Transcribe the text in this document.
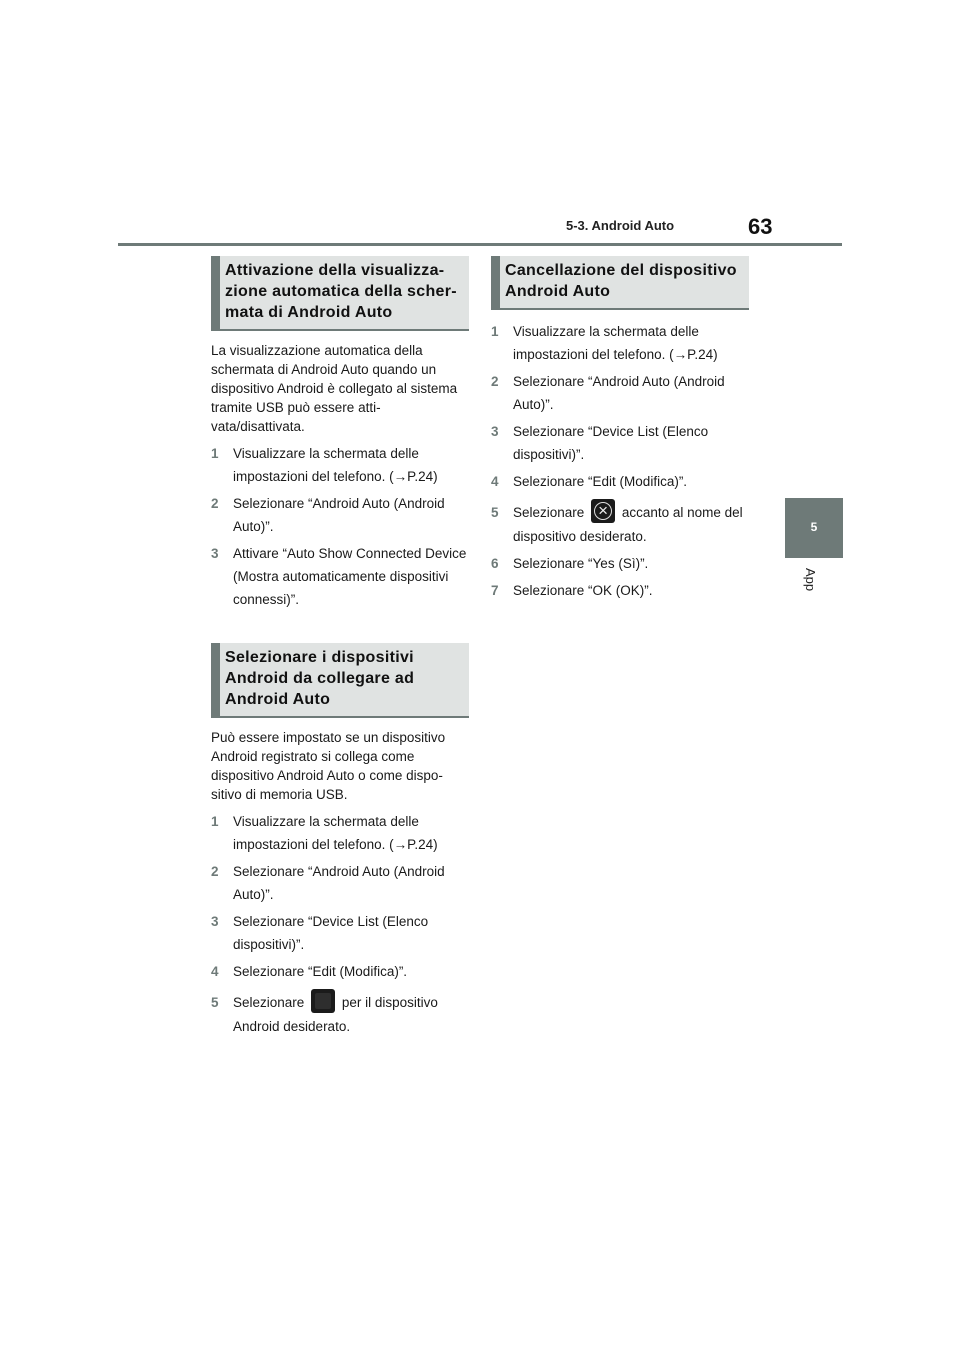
5-3. Android Auto	63
5
App
Attivazione della visualizza-zione automatica della scher-mata di Android Auto
La visualizzazione automatica della schermata di Android Auto quando un dispositivo Android è collegato al sistema tramite USB può essere atti-vata/disattivata.
1 Visualizzare la schermata delle impostazioni del telefono. (→P.24)
2 Selezionare “Android Auto (Android Auto)”.
3 Attivare “Auto Show Connected Device (Mostra automaticamente dispositivi connessi)”.
Selezionare i dispositivi Android da collegare ad Android Auto
Può essere impostato se un dispositivo Android registrato si collega come dispositivo Android Auto o come dispo-sitivo di memoria USB.
1 Visualizzare la schermata delle impostazioni del telefono. (→P.24)
2 Selezionare “Android Auto (Android Auto)”.
3 Selezionare “Device List (Elenco dispositivi)”.
4 Selezionare “Edit (Modifica)”.
5 Selezionare	per il dispositivo Android desiderato.
Cancellazione del dispositivo Android Auto
1 Visualizzare la schermata delle impostazioni del telefono. (→P.24)
2 Selezionare “Android Auto (Android Auto)”.
3 Selezionare “Device List (Elenco dispositivi)”.
4 Selezionare “Edit (Modifica)”.
5 Selezionare ×	accanto al nome del dispositivo desiderato.
6 Selezionare “Yes (Sì)”.
7 Selezionare “OK (OK)”.
